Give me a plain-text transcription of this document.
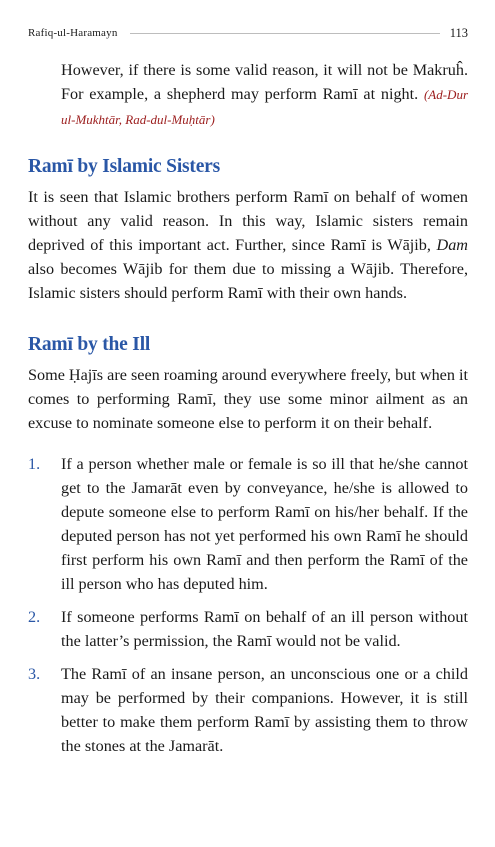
Rafiq-ul-Haramayn	113

However, if there is some valid reason, it will not be Makruĥ. For example, a shepherd may perform Ramī at night. (Ad-Dur ul-Mukhtār, Rad-dul-Muḥtār)

Ramī by Islamic Sisters

It is seen that Islamic brothers perform Ramī on behalf of women without any valid reason. In this way, Islamic sisters remain deprived of this important act. Further, since Ramī is Wājib, Dam also becomes Wājib for them due to missing a Wājib. Therefore, Islamic sisters should perform Ramī with their own hands.

Ramī by the Ill

Some Ḥajīs are seen roaming around everywhere freely, but when it comes to performing Ramī, they use some minor ailment as an excuse to nominate someone else to perform it on their behalf.

1. If a person whether male or female is so ill that he/she cannot get to the Jamarāt even by conveyance, he/she is allowed to depute someone else to perform Ramī on his/her behalf. If the deputed person has not yet performed his own Ramī he should first perform his own Ramī and then perform the Ramī of the ill person who has deputed him.

2. If someone performs Ramī on behalf of an ill person without the latter’s permission, the Ramī would not be valid.

3. The Ramī of an insane person, an unconscious one or a child may be performed by their companions. However, it is still better to make them perform Ramī by assisting them to throw the stones at the Jamarāt.
